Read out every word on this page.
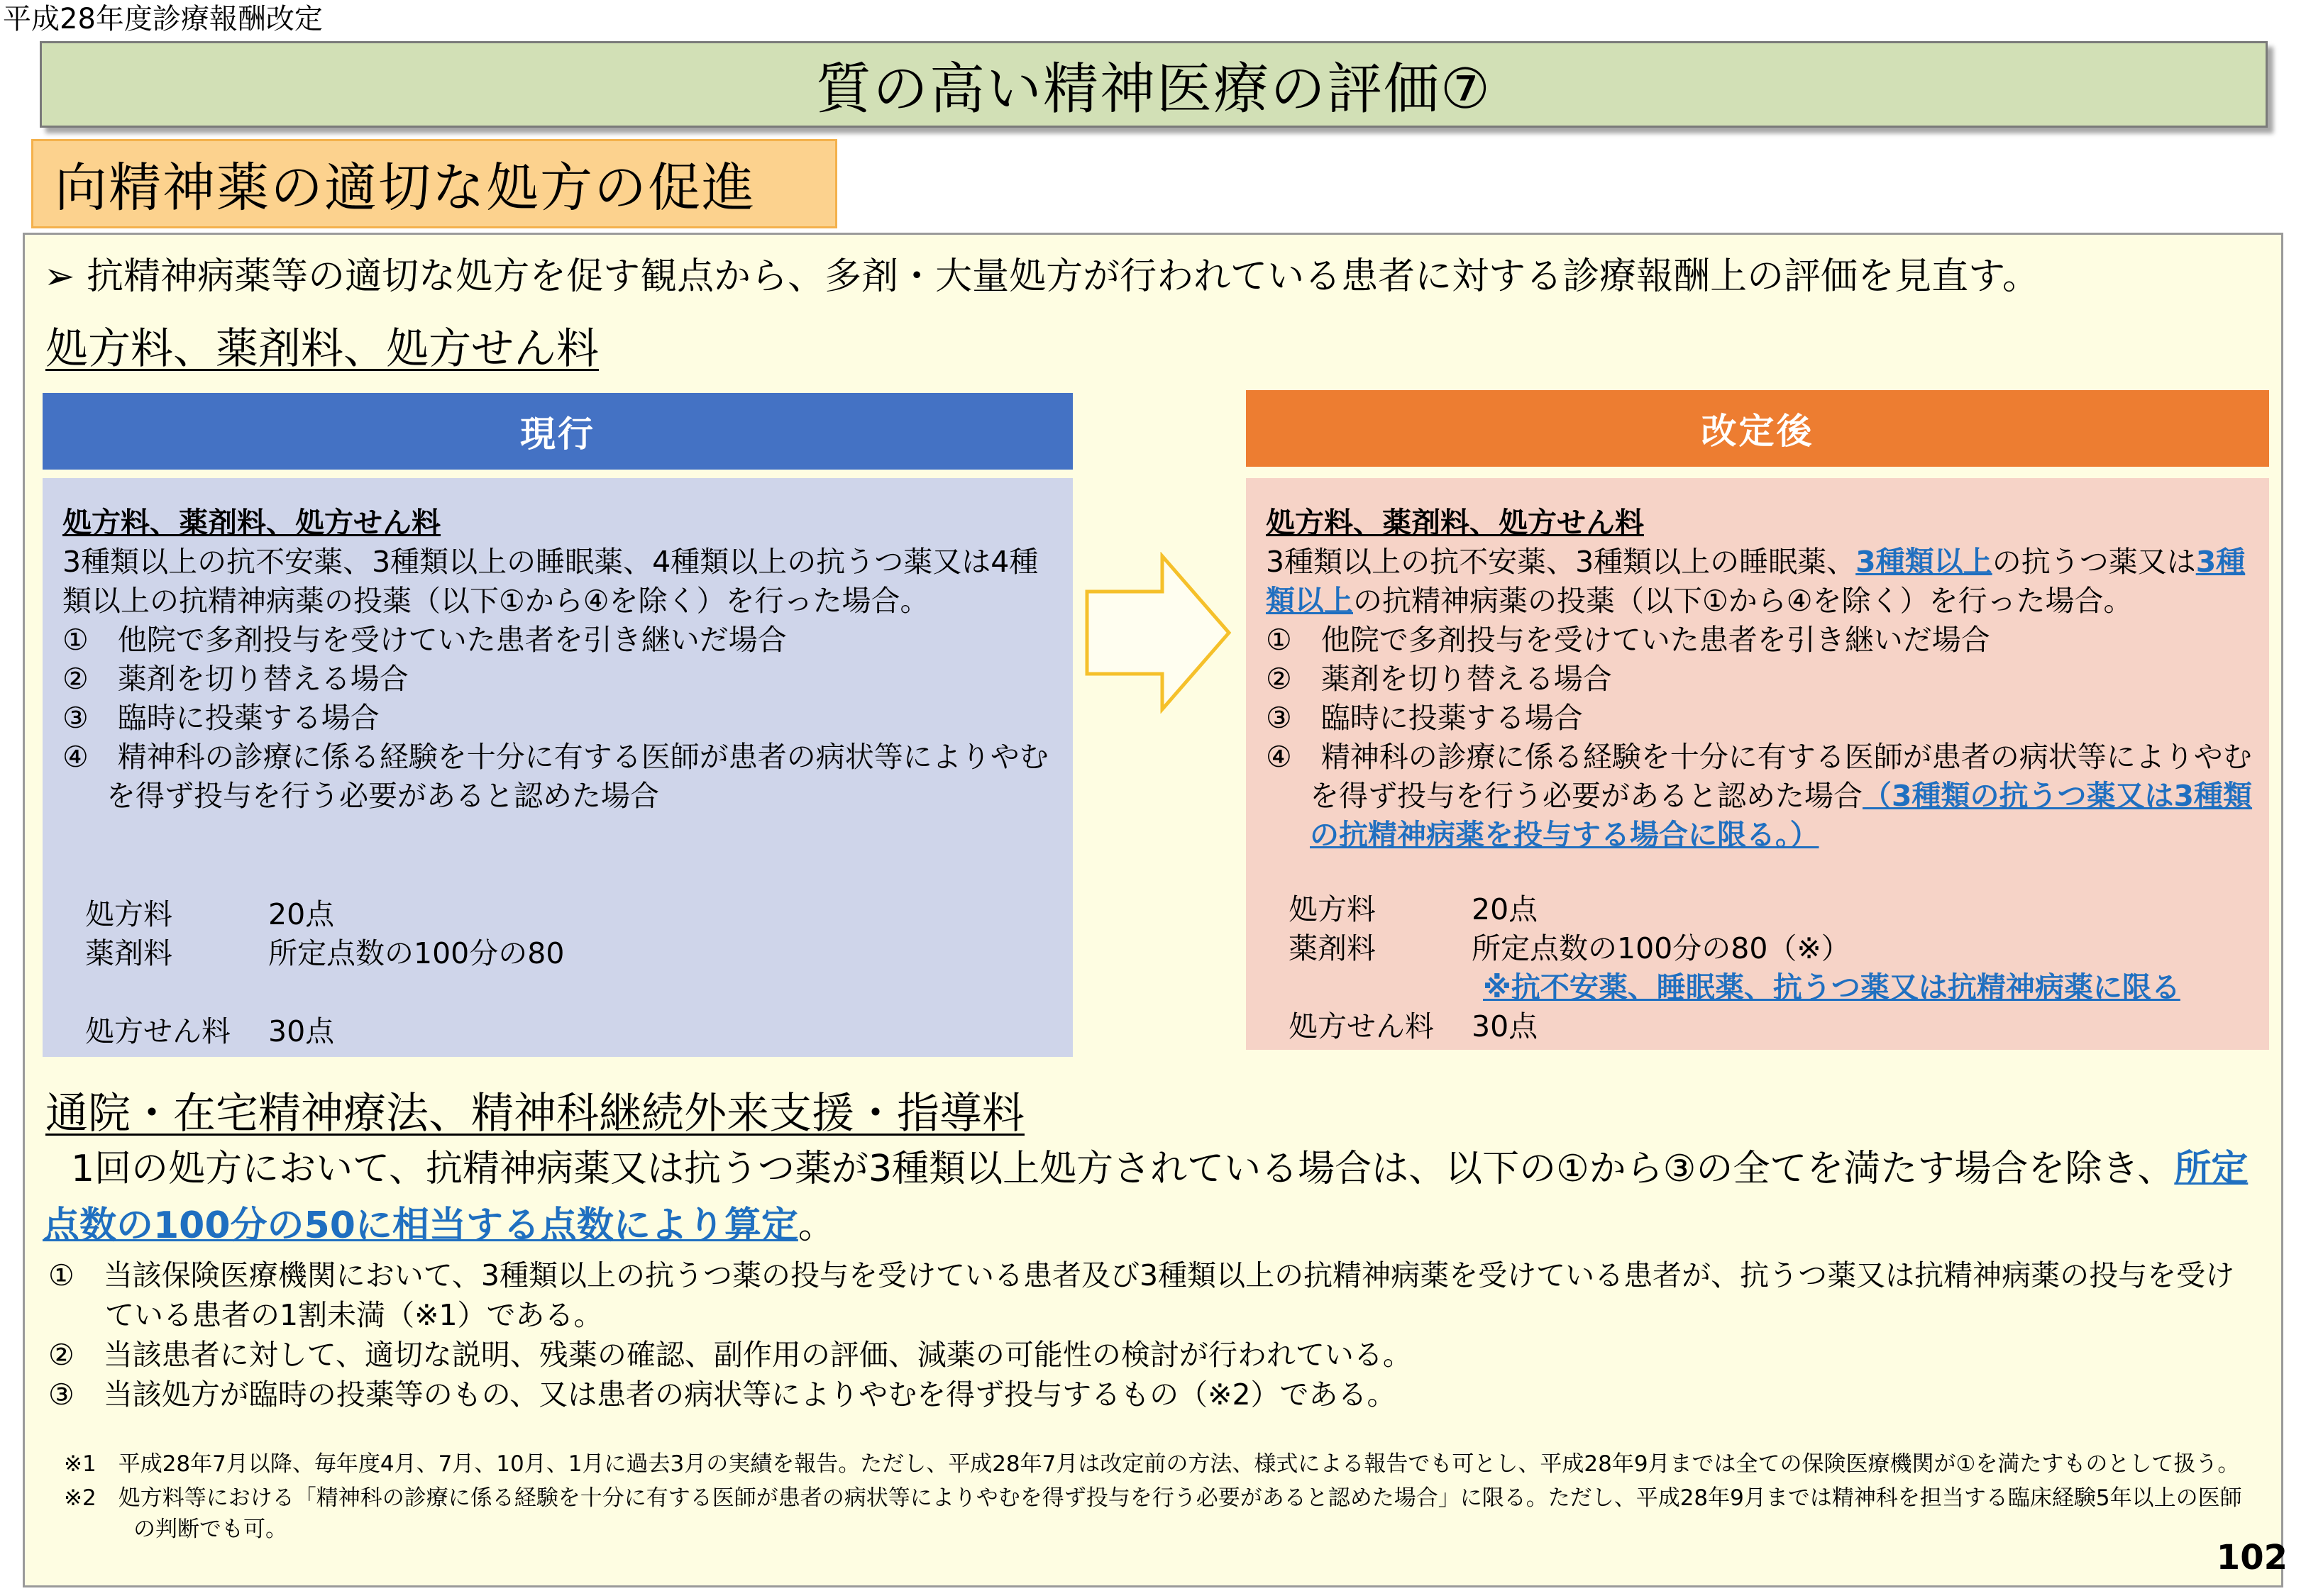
平成28年度診療報酬改定
質の高い精神医療の評価⑦
向精神薬の適切な処方の促進
➢ 抗精神病薬等の適切な処方を促す観点から、多剤・大量処方が行われている患者に対する診療報酬上の評価を見直す。
処方料、薬剤料、処方せん料
現行

処方料、薬剤料、処方せん料

3種類以上の抗不安薬、3種類以上の睡眠薬、4種類以上の抗うつ薬又は4種類以上の抗精神病薬の投薬（以下①から④を除く）を行った場合。

①　他院で多剤投与を受けていた患者を引き継いだ場合

②　薬剤を切り替える場合

③　臨時に投薬する場合

④　精神科の診療に係る経験を十分に有する医師が患者の病状等によりやむを得ず投与を行う必要があると認めた場合

処方料	20点
薬剤料	所定点数の100分の80
処方せん料	30点
改定後

処方料、薬剤料、処方せん料

3種類以上の抗不安薬、3種類以上の睡眠薬、3種類以上の抗うつ薬又は3種類以上の抗精神病薬の投薬（以下①から④を除く）を行った場合。

①　他院で多剤投与を受けていた患者を引き継いだ場合

②　薬剤を切り替える場合

③　臨時に投薬する場合

④　精神科の診療に係る経験を十分に有する医師が患者の病状等によりやむを得ず投与を行う必要があると認めた場合（3種類の抗うつ薬又は3種類の抗精神病薬を投与する場合に限る。）

処方料	20点
薬剤料	所定点数の100分の80（※）
※抗不安薬、睡眠薬、抗うつ薬又は抗精神病薬に限る
処方せん料	30点
通院・在宅精神療法、精神科継続外来支援・指導料
1回の処方において、抗精神病薬又は抗うつ薬が3種類以上処方されている場合は、以下の①から③の全てを満たす場合を除き、所定点数の100分の50に相当する点数により算定。

①　当該保険医療機関において、3種類以上の抗うつ薬の投与を受けている患者及び3種類以上の抗精神病薬を受けている患者が、抗うつ薬又は抗精神病薬の投与を受けている患者の1割未満（※1）である。

②　当該患者に対して、適切な説明、残薬の確認、副作用の評価、減薬の可能性の検討が行われている。

③　当該処方が臨時の投薬等のもの、又は患者の病状等によりやむを得ず投与するもの（※2）である。

※1　平成28年7月以降、毎年度4月、7月、10月、1月に過去3月の実績を報告。ただし、平成28年7月は改定前の方法、様式による報告でも可とし、平成28年9月までは全ての保険医療機関が①を満たすものとして扱う。

※2　処方料等における「精神科の診療に係る経験を十分に有する医師が患者の病状等によりやむを得ず投与を行う必要があると認めた場合」に限る。ただし、平成28年9月までは精神科を担当する臨床経験5年以上の医師の判断でも可。

102
